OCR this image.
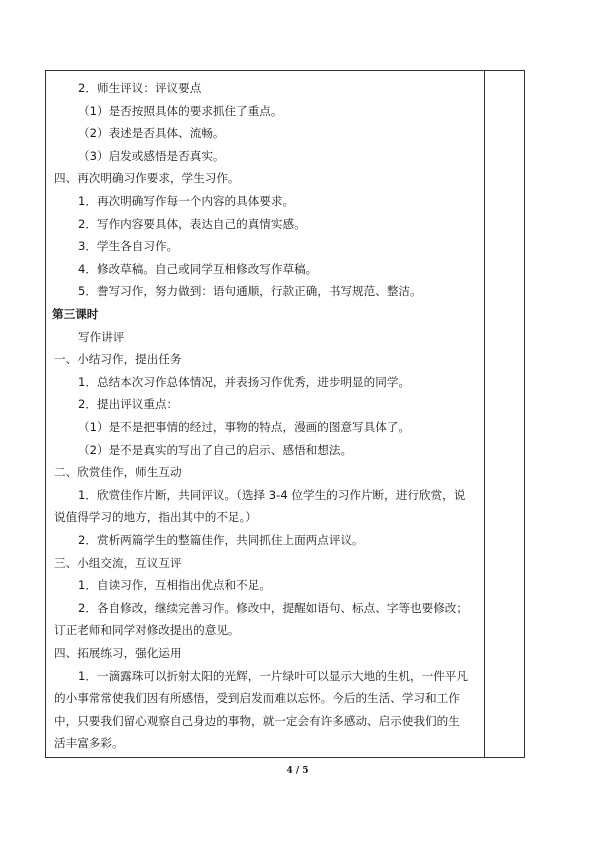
2．师生评议：评议要点
（1）是否按照具体的要求抓住了重点。
（2）表述是否具体、流畅。
（3）启发或感悟是否真实。
四、再次明确习作要求，学生习作。
1．再次明确写作每一个内容的具体要求。
2．写作内容要具体，表达自己的真情实感。
3．学生各自习作。
4．修改草稿。自己或同学互相修改写作草稿。
5．誊写习作，努力做到：语句通顺，行款正确，书写规范、整洁。
第三课时
写作讲评
一、小结习作，提出任务
1．总结本次习作总体情况，并表扬习作优秀，进步明显的同学。
2．提出评议重点：
（1）是不是把事情的经过，事物的特点，漫画的图意写具体了。
（2）是不是真实的写出了自己的启示、感悟和想法。
二、欣赏佳作，师生互动
1．欣赏佳作片断，共同评议。（选择 3-4 位学生的习作片断，进行欣赏，说
说值得学习的地方，指出其中的不足。）
2．赏析两篇学生的整篇佳作，共同抓住上面两点评议。
三、小组交流，互议互评
1．自读习作，互相指出优点和不足。
2．各自修改，继续完善习作。修改中，提醒如语句、标点、字等也要修改；
订正老师和同学对修改提出的意见。
四、拓展练习，强化运用
1．一滴露珠可以折射太阳的光辉，一片绿叶可以显示大地的生机，一件平凡
的小事常常使我们因有所感悟，受到启发而难以忘怀。今后的生活、学习和工作
中，只要我们留心观察自己身边的事物，就一定会有许多感动、启示使我们的生
活丰富多彩。
4 / 5
